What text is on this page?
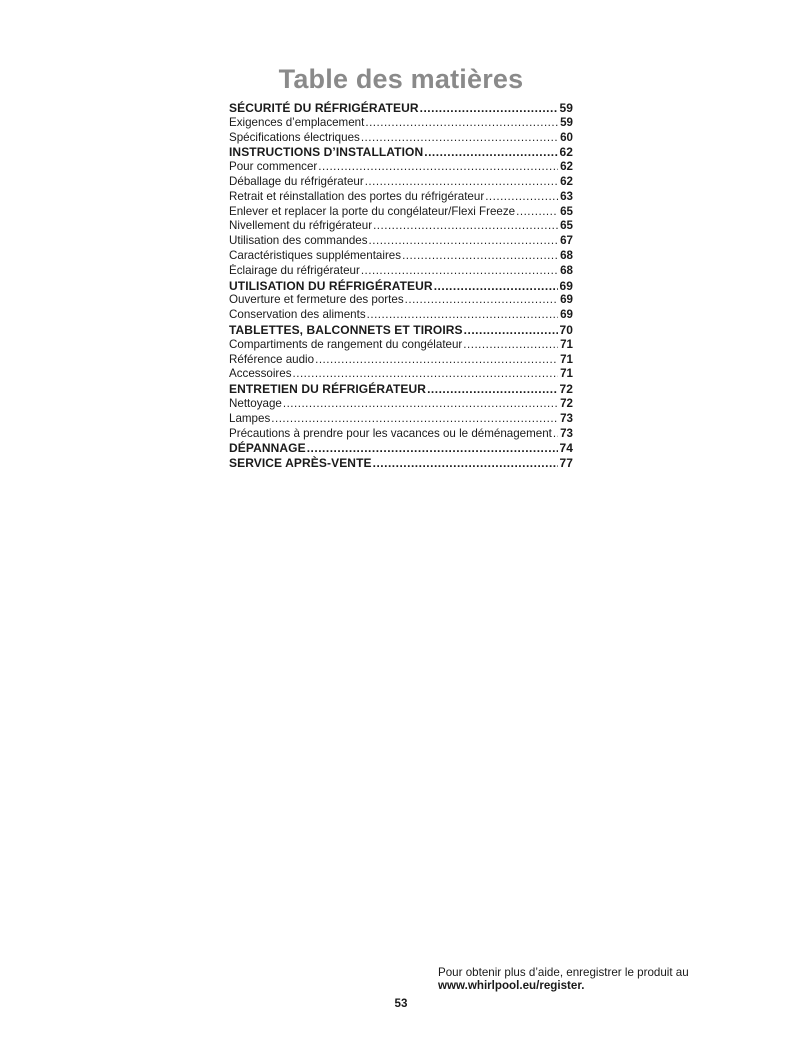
Table des matières
SÉCURITÉ DU RÉFRIGÉRATEUR .....	59
Exigences d’emplacement .....	59
Spécifications électriques .....	60
INSTRUCTIONS D’INSTALLATION .....	62
Pour commencer .....	62
Déballage du réfrigérateur .....	62
Retrait et réinstallation des portes du réfrigérateur .....	63
Enlever et replacer la porte du congélateur/Flexi Freeze .....	65
Nivellement du réfrigérateur .....	65
Utilisation des commandes .....	67
Caractéristiques supplémentaires .....	68
Éclairage du réfrigérateur .....	68
UTILISATION DU RÉFRIGÉRATEUR .....	69
Ouverture et fermeture des portes .....	69
Conservation des aliments .....	69
TABLETTES, BALCONNETS ET TIROIRS .....	70
Compartiments de rangement du congélateur .....	71
Référence audio .....	71
Accessoires .....	71
ENTRETIEN DU RÉFRIGÉRATEUR .....	72
Nettoyage .....	72
Lampes .....	73
Précautions à prendre pour les vacances ou le déménagement ..... 73
DÉPANNAGE .....	74
SERVICE APRÈS-VENTE .....	77
Pour obtenir plus d’aide, enregistrer le produit au
www.whirlpool.eu/register.
53
